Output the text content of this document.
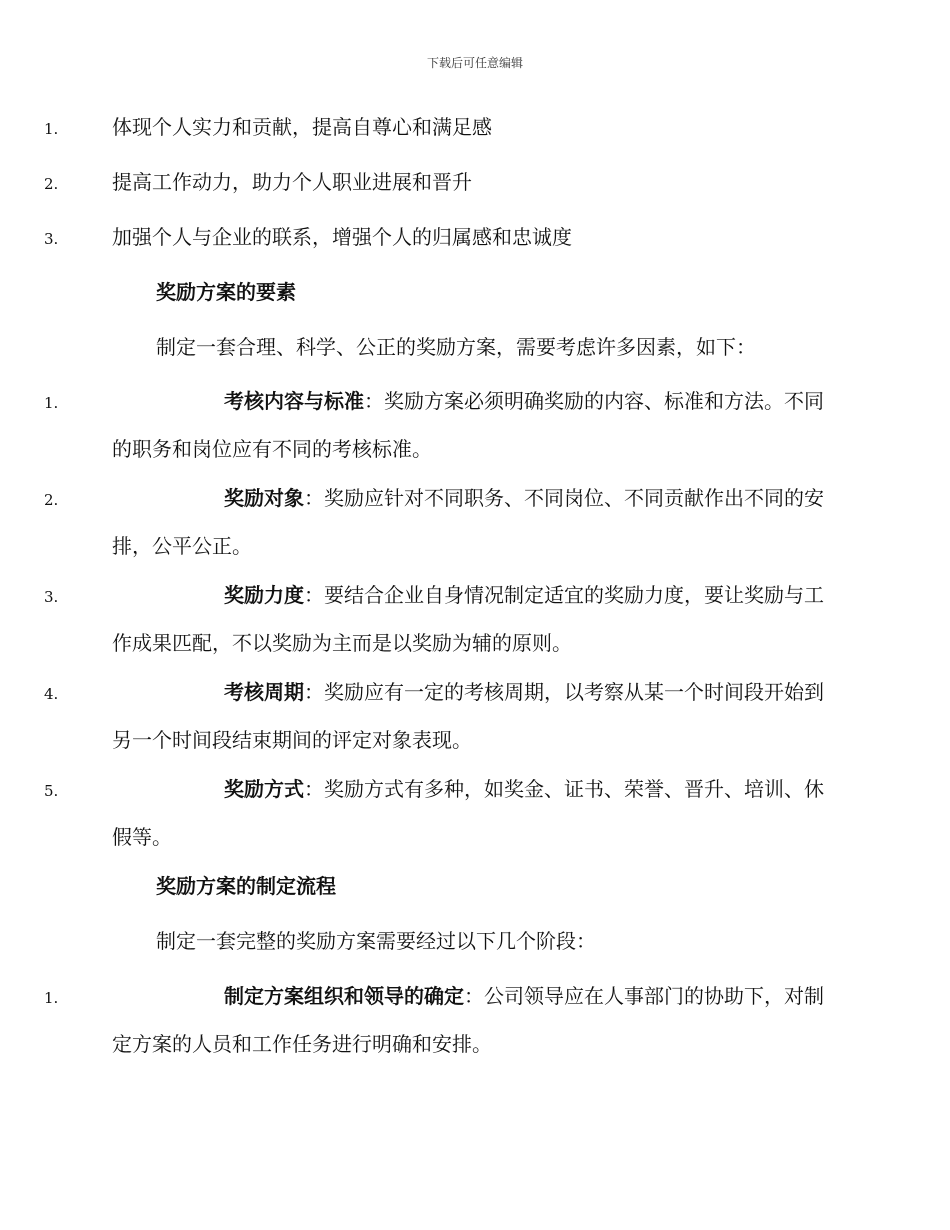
下载后可任意编辑
1.	体现个人实力和贡献，提高自尊心和满足感
2.	提高工作动力，助力个人职业进展和晋升
3.	加强个人与企业的联系，增强个人的归属感和忠诚度
奖励方案的要素
制定一套合理、科学、公正的奖励方案，需要考虑许多因素，如下：
1.	考核内容与标准：奖励方案必须明确奖励的内容、标准和方法。不同的职务和岗位应有不同的考核标准。
2.	奖励对象：奖励应针对不同职务、不同岗位、不同贡献作出不同的安排，公平公正。
3.	奖励力度：要结合企业自身情况制定适宜的奖励力度，要让奖励与工作成果匹配，不以奖励为主而是以奖励为辅的原则。
4.	考核周期：奖励应有一定的考核周期，以考察从某一个时间段开始到另一个时间段结束期间的评定对象表现。
5.	奖励方式：奖励方式有多种，如奖金、证书、荣誉、晋升、培训、休假等。
奖励方案的制定流程
制定一套完整的奖励方案需要经过以下几个阶段：
1.	制定方案组织和领导的确定：公司领导应在人事部门的协助下，对制定方案的人员和工作任务进行明确和安排。
